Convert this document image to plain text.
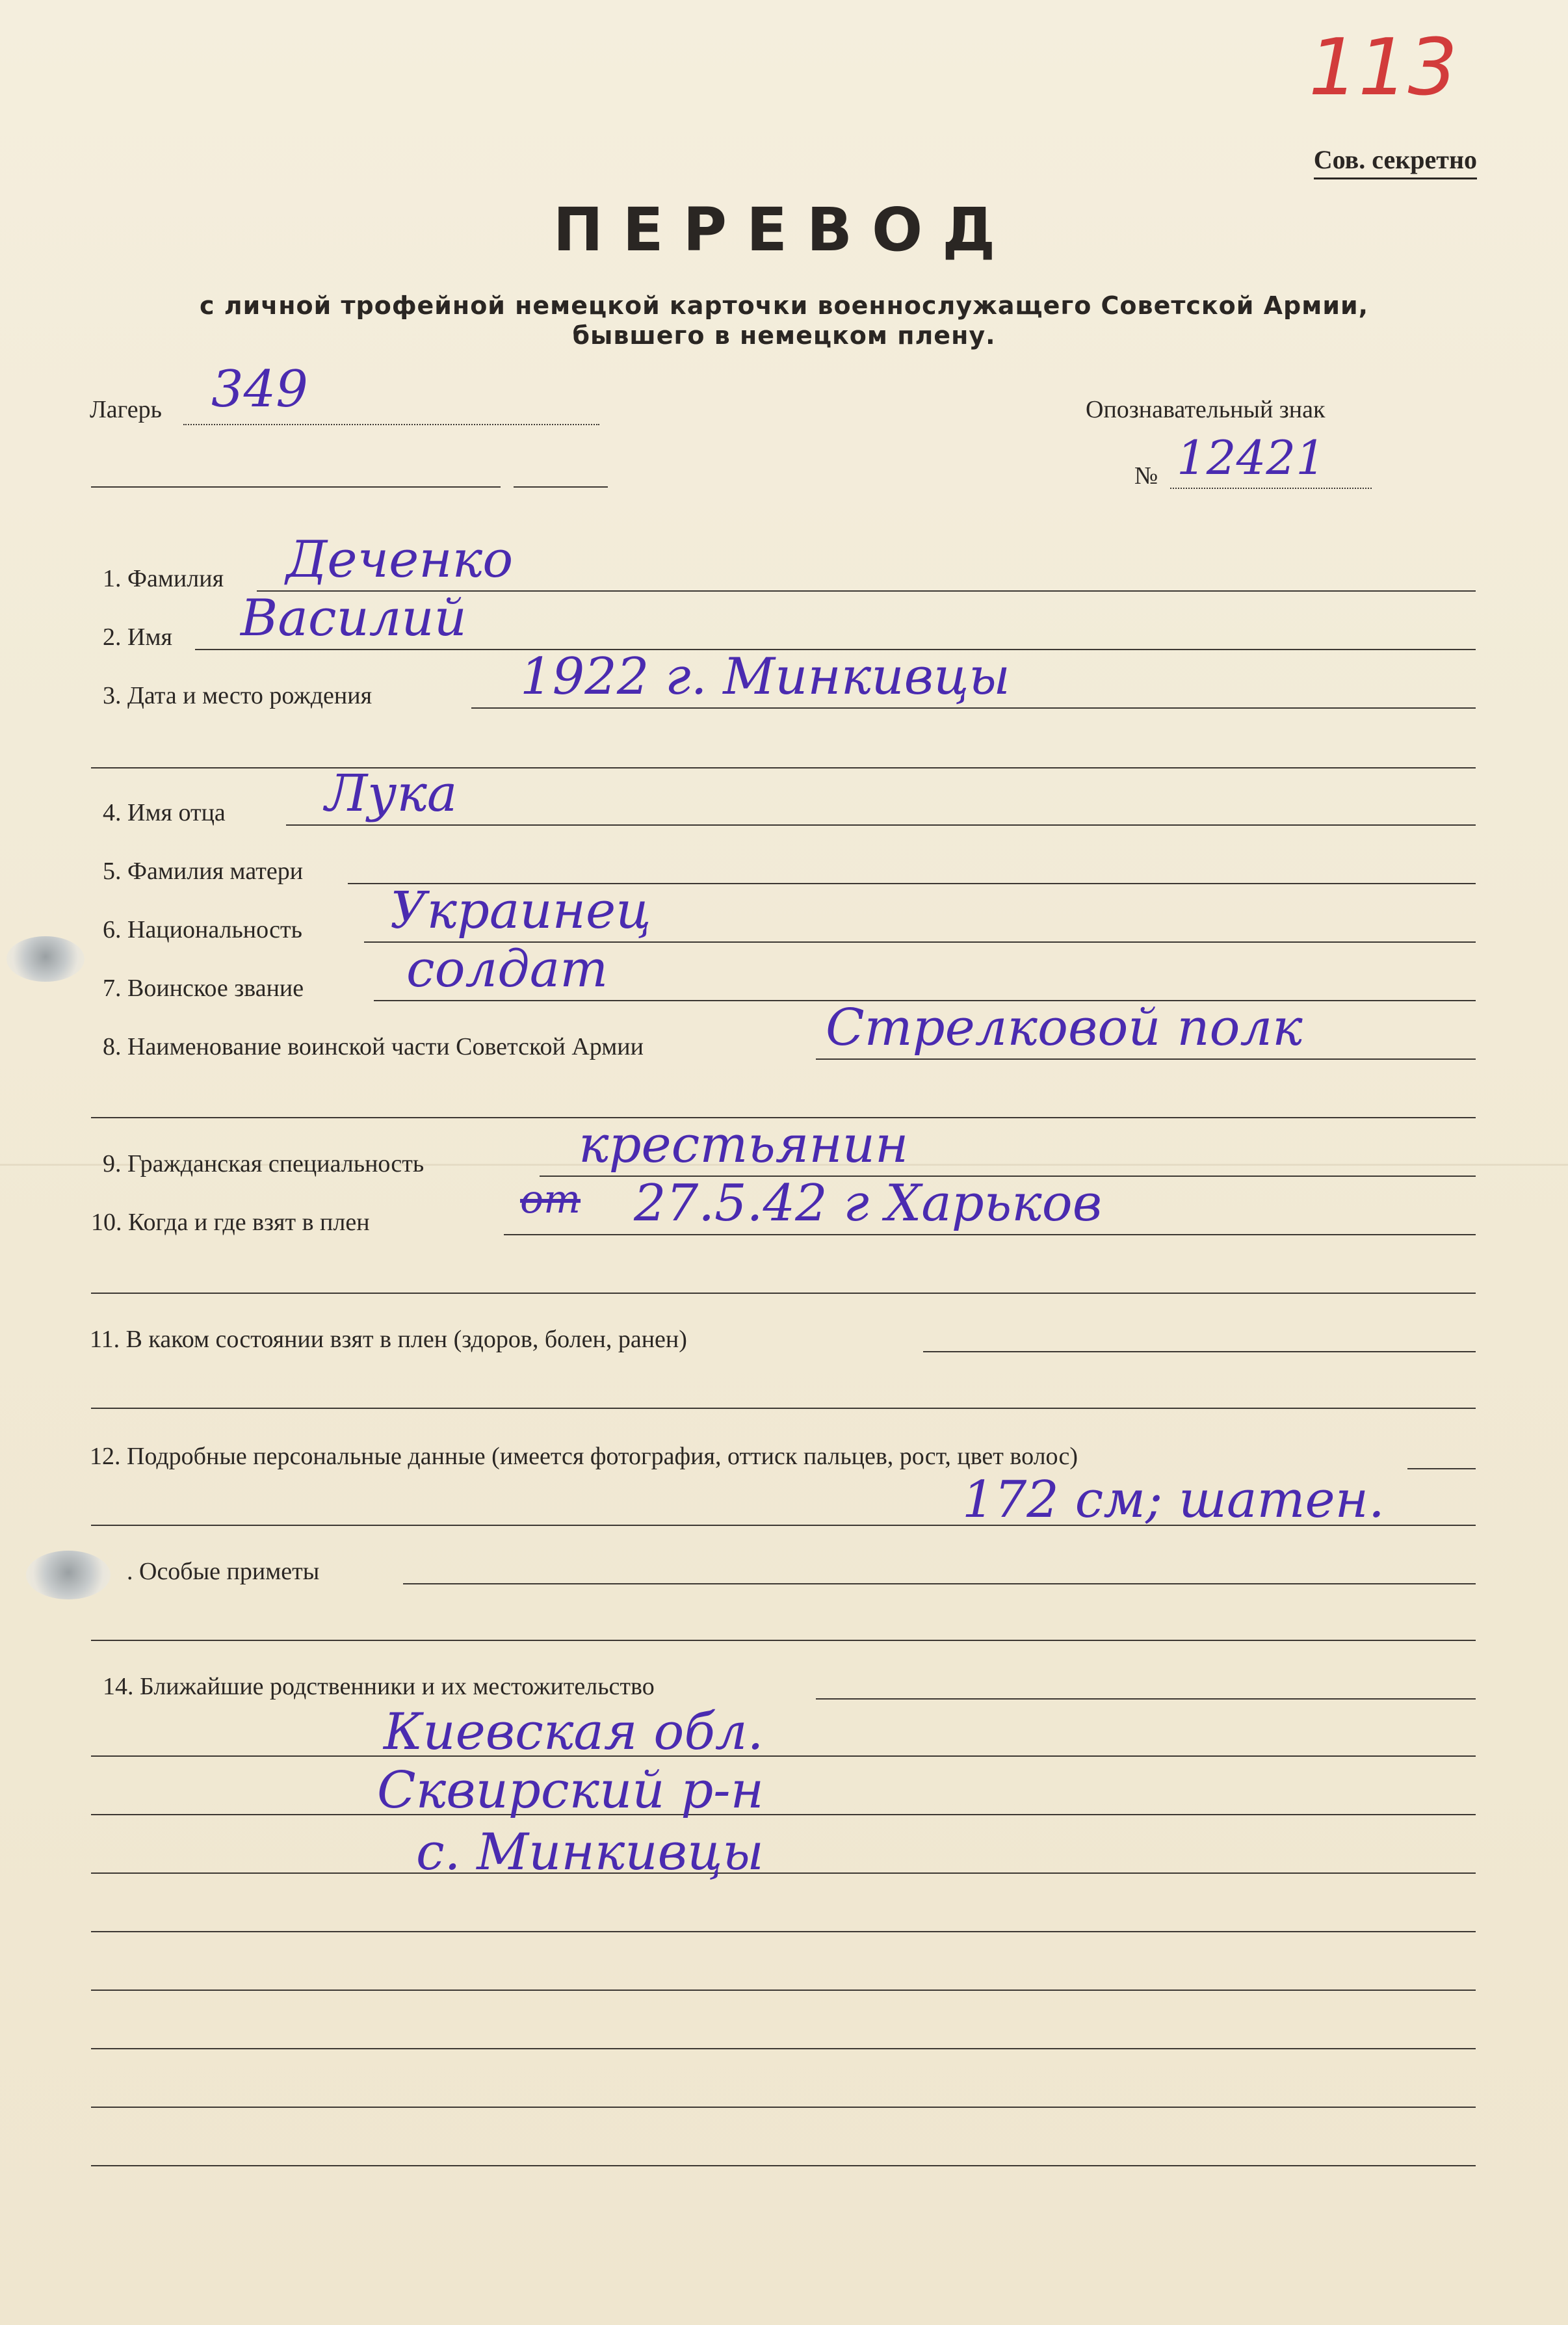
113
Сов. секретно
ПЕРЕВОД
с личной трофейной немецкой карточки военнослужащего Советской Армии,
бывшего в немецком плену.
Лагерь 349	Опознавательный знак
№ 12421
1. Фамилия Деченко
2. Имя Василий
3. Дата и место рождения	1922 г. Минкивцы
4. Имя отца Лука
5. Фамилия матери
6. Национальность Украинец
7. Воинское звание солдат
8. Наименование воинской части Советской Армии	Стрелковой полк
9. Гражданская специальность	крестьянин
10. Когда и где взят в плен	от 27.5.42 г Харьков
11. В каком состоянии взят в плен (здоров, болен, ранен)
12. Подробные персональные данные (имеется фотография, оттиск пальцев, рост, цвет волос)
172 см; шатен.
. Особые приметы
14. Ближайшие родственники и их местожительство
Киевская обл.
Сквирский р-н
с. Минкивцы
